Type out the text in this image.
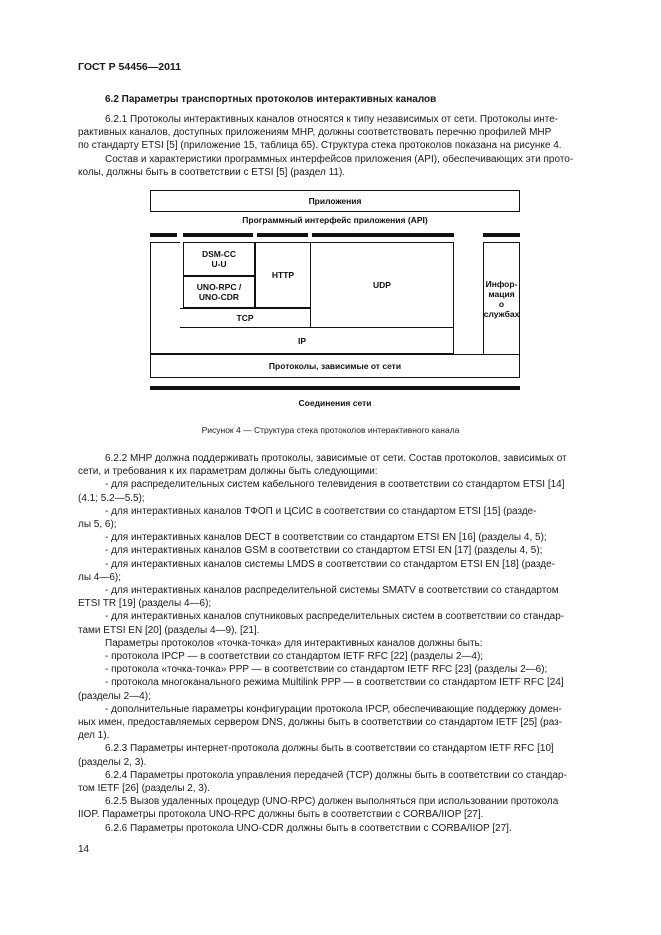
ГОСТ Р 54456—2011
6.2 Параметры транспортных протоколов интерактивных каналов

6.2.1 Протоколы интерактивных каналов относятся к типу независимых от сети. Протоколы инте-

рактивных каналов, доступных приложениям MHP, должны соответствовать перечню профилей MHP

по стандарту ETSI [5] (приложение 15, таблица 65). Структура стека протоколов показана на рисунке 4.

Состав и характеристики программных интерфейсов приложения (API), обеспечивающих эти прото-

колы, должны быть в соответствии с ETSI [5] (раздел 11).

Приложения
Программный интерфейс приложения (API)
DSM-CC
U-U
UNO-RPC /
UNO-CDR
HTTP
TCP
UDP
IP
Инфор-
мация
о службах
Протоколы, зависимые от сети
Соединения сети
Рисунок 4 — Структура стека протоколов интерактивного канала

6.2.2 MHP должна поддерживать протоколы, зависимые от сети. Состав протоколов, зависимых от

сети, и требования к их параметрам должны быть следующими:

- для распределительных систем кабельного телевидения в соответствии со стандартом ETSI [14]

(4.1; 5.2—5.5);

- для интерактивных каналов ТФОП и ЦСИС в соответствии со стандартом ETSI [15] (разде-

лы 5, 6);

- для интерактивных каналов DECT в соответствии со стандартом ETSI EN [16] (разделы 4, 5);

- для интерактивных каналов GSM в соответствии со стандартом ETSI EN [17] (разделы 4, 5);

- для интерактивных каналов системы LMDS в соответствии со стандартом ETSI EN [18] (разде-

лы 4—6);

- для интерактивных каналов распределительной системы SMATV в соответствии со стандартом

ETSI TR [19] (разделы 4—6);

- для интерактивных каналов спутниковых распределительных систем в соответствии со стандар-

тами ETSI EN [20] (разделы 4—9), [21].

Параметры протоколов «точка-точка» для интерактивных каналов должны быть:

- протокола IPCP — в соответствии со стандартом IETF RFC [22] (разделы 2—4);

- протокола «точка-точка» PPP — в соответствии со стандартом IETF RFC [23] (разделы 2—6);

- протокола многоканального режима Multilink PPP — в соответствии со стандартом IETF RFC [24]

(разделы 2—4);

- дополнительные параметры конфигурации протокола IPCP, обеспечивающие поддержку домен-

ных имен, предоставляемых сервером DNS, должны быть в соответствии со стандартом IETF [25] (раз-

дел 1).

6.2.3 Параметры интернет-протокола должны быть в соответствии со стандартом IETF RFC [10]

(разделы 2, 3).

6.2.4 Параметры протокола управления передачей (TCP) должны быть в соответствии со стандар-

том IETF [26] (разделы 2, 3).

6.2.5 Вызов удаленных процедур (UNO-RPC) должен выполняться при использовании протокола

IIOP. Параметры протокола UNO-RPC должны быть в соответствии с CORBA/IIOP [27].

6.2.6 Параметры протокола UNO-CDR должны быть в соответствии с CORBA/IIOP [27].

14
